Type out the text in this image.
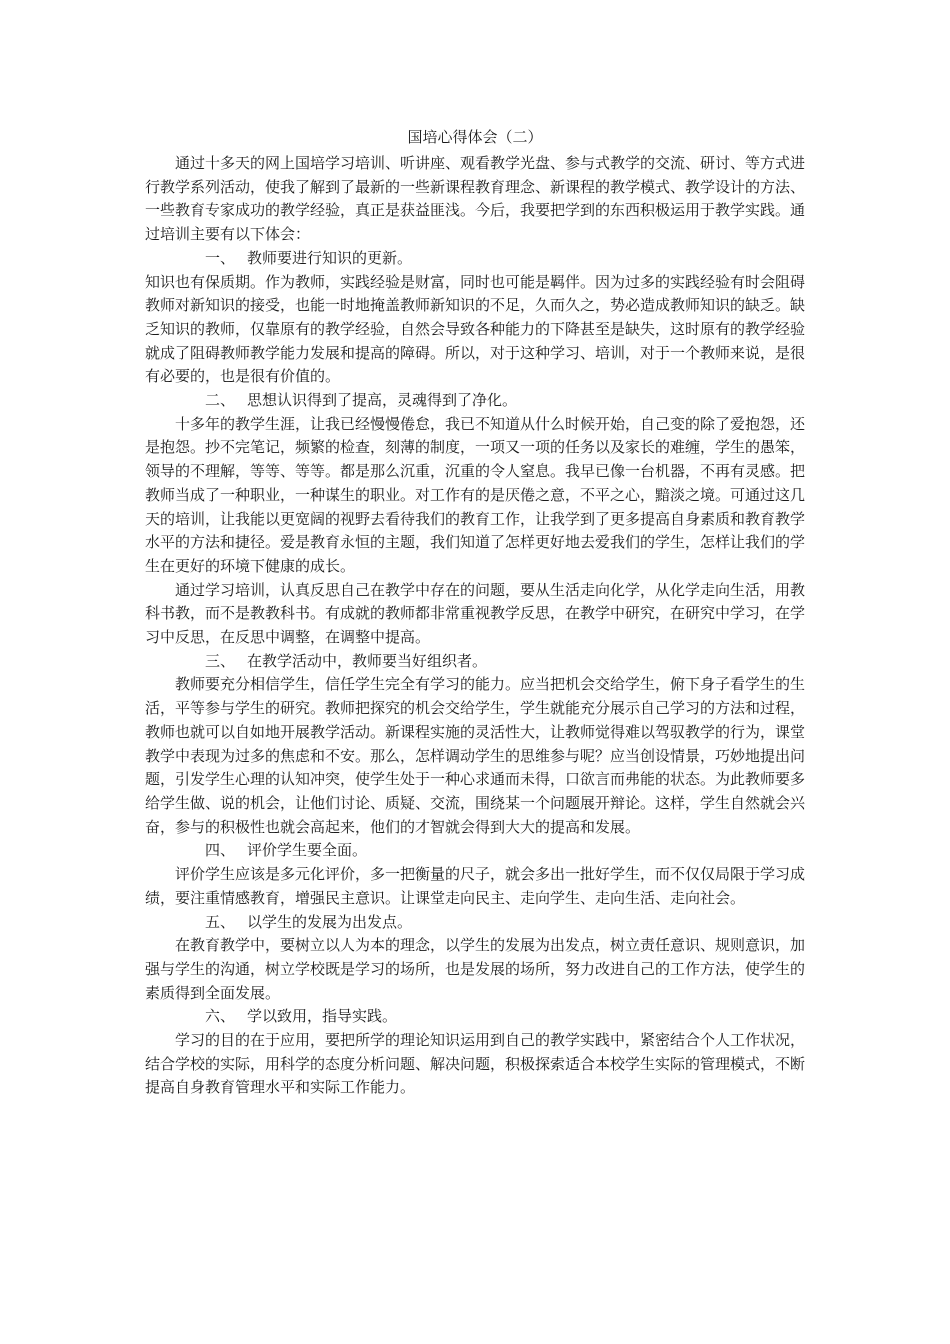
国培心得体会（二）

通过十多天的网上国培学习培训、听讲座、观看教学光盘、参与式教学的交流、研讨、等方式进行教学系列活动，使我了解到了最新的一些新课程教育理念、新课程的教学模式、教学设计的方法、一些教育专家成功的教学经验，真正是获益匪浅。今后，我要把学到的东西积极运用于教学实践。通过培训主要有以下体会：

一、 教师要进行知识的更新。

知识也有保质期。作为教师，实践经验是财富，同时也可能是羁伴。因为过多的实践经验有时会阻碍教师对新知识的接受，也能一时地掩盖教师新知识的不足，久而久之，势必造成教师知识的缺乏。缺乏知识的教师，仅靠原有的教学经验，自然会导致各种能力的下降甚至是缺失，这时原有的教学经验就成了阻碍教师教学能力发展和提高的障碍。所以，对于这种学习、培训，对于一个教师来说，是很有必要的，也是很有价值的。

二、 思想认识得到了提高，灵魂得到了净化。

十多年的教学生涯，让我已经慢慢倦怠，我已不知道从什么时候开始，自己变的除了爱抱怨，还是抱怨。抄不完笔记，频繁的检查，刻薄的制度，一项又一项的任务以及家长的难缠，学生的愚笨，领导的不理解，等等、等等。都是那么沉重，沉重的令人窒息。我早已像一台机器，不再有灵感。把教师当成了一种职业，一种谋生的职业。对工作有的是厌倦之意，不平之心，黯淡之境。可通过这几天的培训，让我能以更宽阔的视野去看待我们的教育工作，让我学到了更多提高自身素质和教育教学水平的方法和捷径。爱是教育永恒的主题，我们知道了怎样更好地去爱我们的学生，怎样让我们的学生在更好的环境下健康的成长。

通过学习培训，认真反思自己在教学中存在的问题，要从生活走向化学，从化学走向生活，用教科书教，而不是教教科书。有成就的教师都非常重视教学反思，在教学中研究，在研究中学习，在学习中反思，在反思中调整，在调整中提高。

三、 在教学活动中，教师要当好组织者。

教师要充分相信学生，信任学生完全有学习的能力。应当把机会交给学生，俯下身子看学生的生活，平等参与学生的研究。教师把探究的机会交给学生，学生就能充分展示自己学习的方法和过程，教师也就可以自如地开展教学活动。新课程实施的灵活性大，让教师觉得难以驾驭教学的行为，课堂教学中表现为过多的焦虑和不安。那么，怎样调动学生的思维参与呢？应当创设情景，巧妙地提出问题，引发学生心理的认知冲突，使学生处于一种心求通而未得，口欲言而弗能的状态。为此教师要多给学生做、说的机会，让他们讨论、质疑、交流，围绕某一个问题展开辩论。这样，学生自然就会兴奋，参与的积极性也就会高起来，他们的才智就会得到大大的提高和发展。

四、 评价学生要全面。

评价学生应该是多元化评价，多一把衡量的尺子，就会多出一批好学生，而不仅仅局限于学习成绩，要注重情感教育，增强民主意识。让课堂走向民主、走向学生、走向生活、走向社会。

五、 以学生的发展为出发点。

在教育教学中，要树立以人为本的理念，以学生的发展为出发点，树立责任意识、规则意识，加强与学生的沟通，树立学校既是学习的场所，也是发展的场所，努力改进自己的工作方法，使学生的素质得到全面发展。

六、 学以致用，指导实践。

学习的目的在于应用，要把所学的理论知识运用到自己的教学实践中，紧密结合个人工作状况，结合学校的实际，用科学的态度分析问题、解决问题，积极探索适合本校学生实际的管理模式，不断提高自身教育管理水平和实际工作能力。
